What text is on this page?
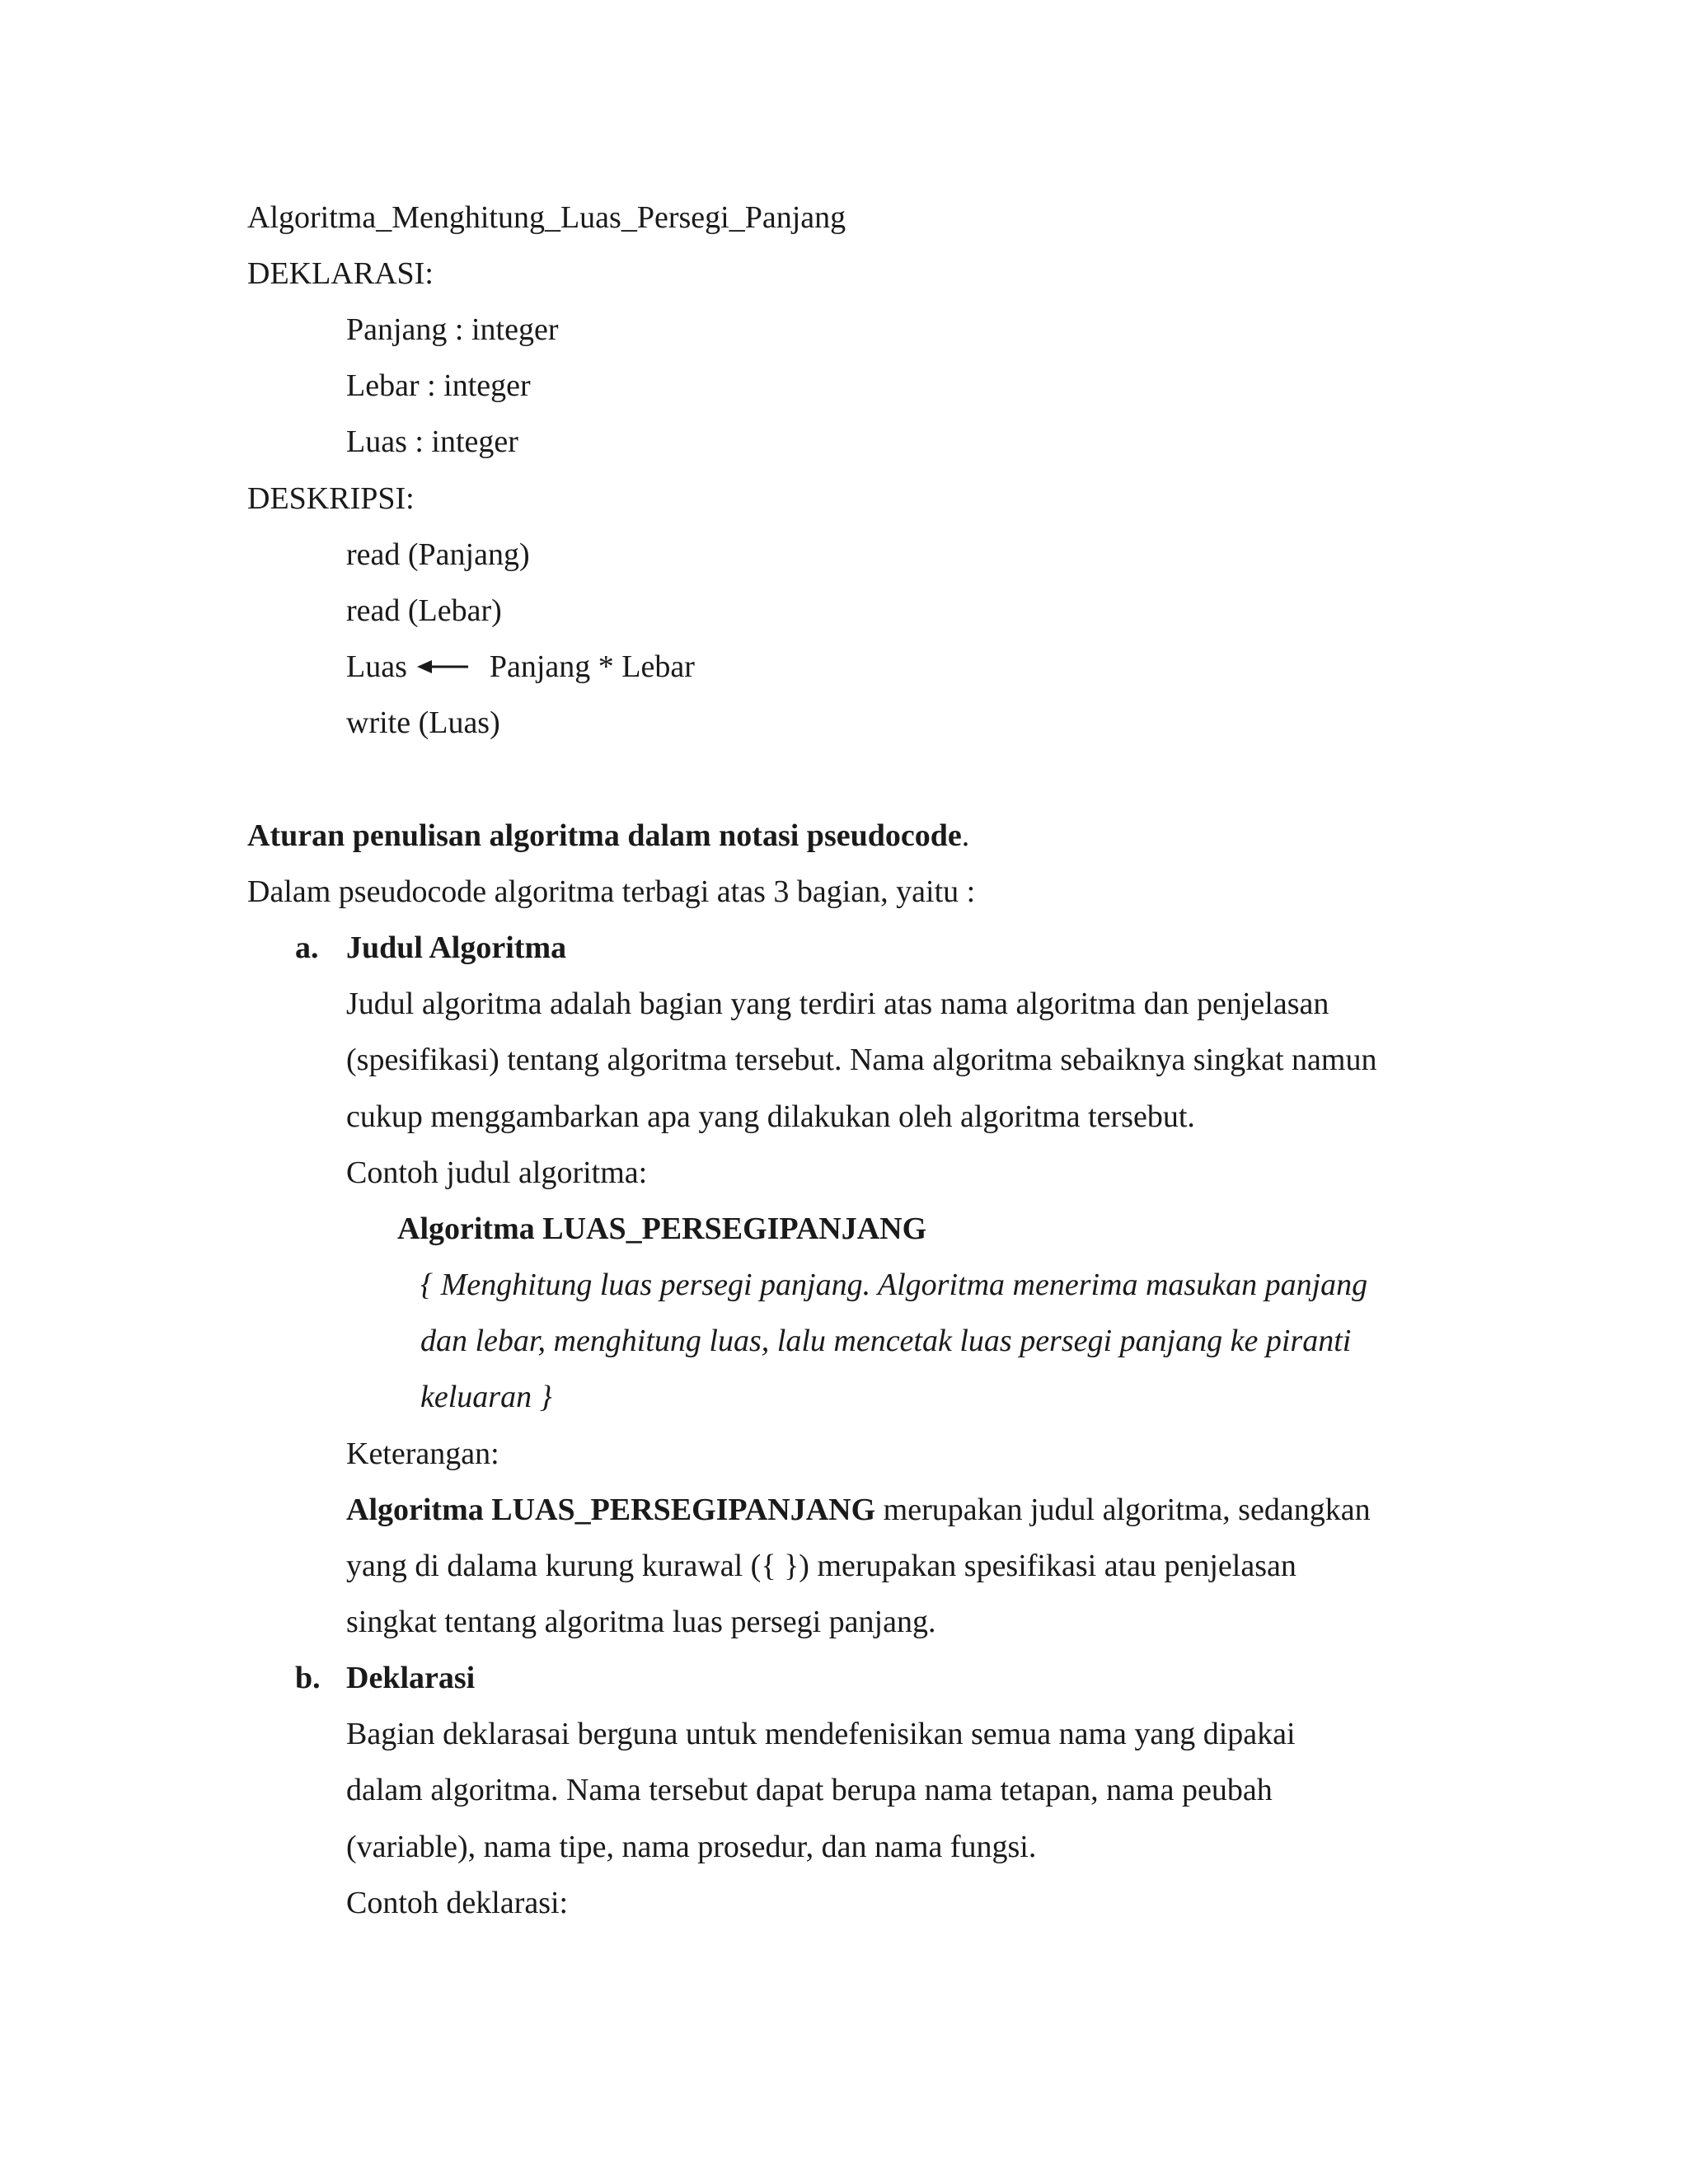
Algoritma_Menghitung_Luas_Persegi_Panjang
DEKLARASI:
Panjang : integer
Lebar : integer
Luas : integer
DESKRIPSI:
read (Panjang)
read (Lebar)
Luas	Panjang * Lebar
write (Luas)
Aturan penulisan algoritma dalam notasi pseudocode.
Dalam pseudocode algoritma terbagi atas 3 bagian, yaitu :
a. Judul Algoritma
Judul algoritma adalah bagian yang terdiri atas nama algoritma dan penjelasan
(spesifikasi) tentang algoritma tersebut. Nama algoritma sebaiknya singkat namun
cukup menggambarkan apa yang dilakukan oleh algoritma tersebut.
Contoh judul algoritma:
Algoritma LUAS_PERSEGIPANJANG
{ Menghitung luas persegi panjang. Algoritma menerima masukan panjang
dan lebar, menghitung luas, lalu mencetak luas persegi panjang ke piranti
keluaran }
Keterangan:
Algoritma LUAS_PERSEGIPANJANG merupakan judul algoritma, sedangkan
yang di dalama kurung kurawal ({ }) merupakan spesifikasi atau penjelasan
singkat tentang algoritma luas persegi panjang.
b. Deklarasi
Bagian deklarasai berguna untuk mendefenisikan semua nama yang dipakai
dalam algoritma. Nama tersebut dapat berupa nama tetapan, nama peubah
(variable), nama tipe, nama prosedur, dan nama fungsi.
Contoh deklarasi:
